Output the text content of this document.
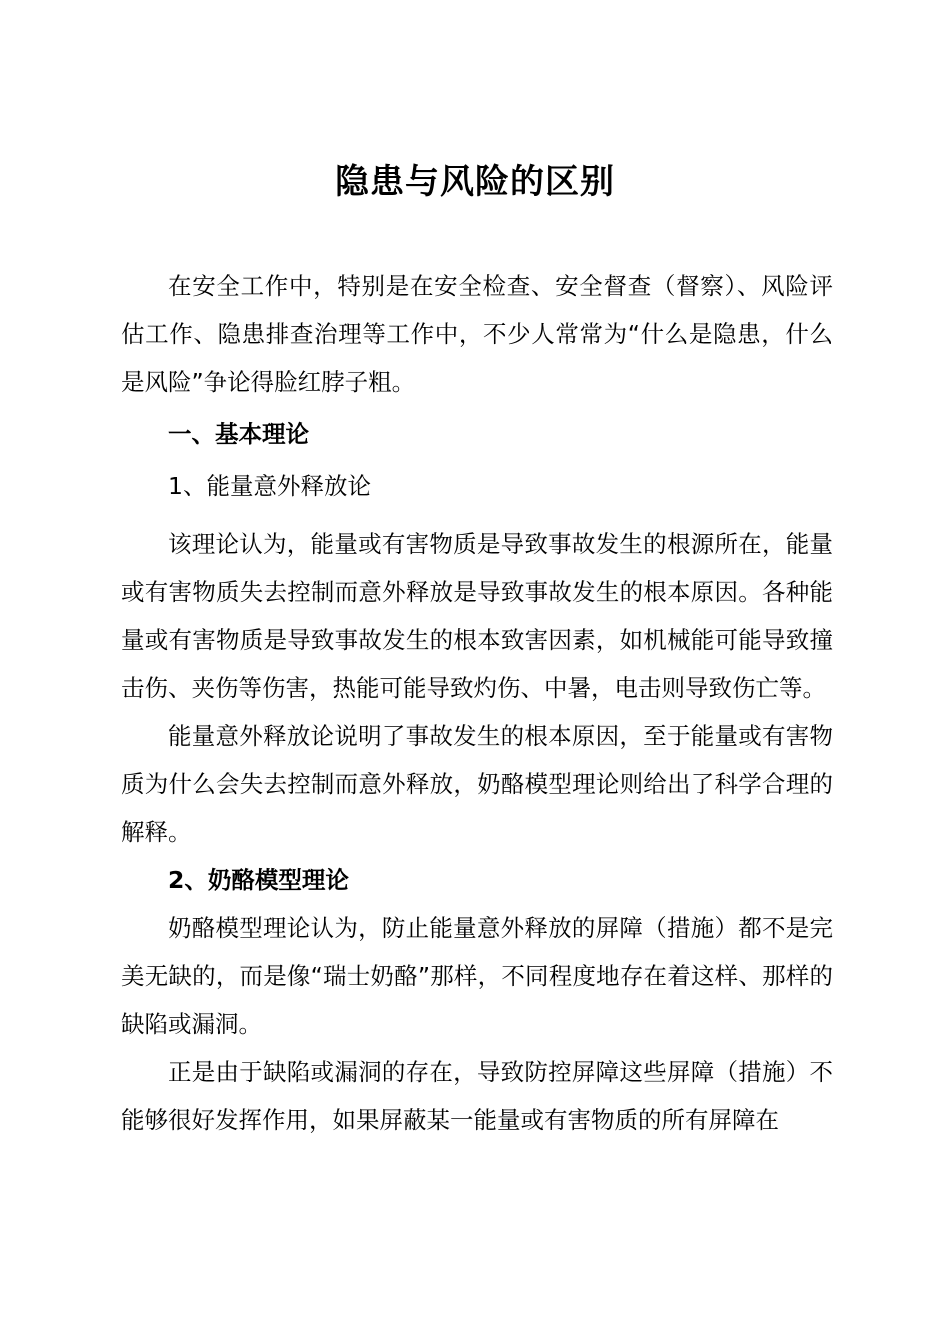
隐患与风险的区别

在安全工作中，特别是在安全检查、安全督查（督察）、风险评估工作、隐患排查治理等工作中，不少人常常为“什么是隐患，什么是风险”争论得脸红脖子粗。

一、基本理论

1、能量意外释放论

该理论认为，能量或有害物质是导致事故发生的根源所在，能量或有害物质失去控制而意外释放是导致事故发生的根本原因。各种能量或有害物质是导致事故发生的根本致害因素，如机械能可能导致撞击伤、夹伤等伤害，热能可能导致灼伤、中暑，电击则导致伤亡等。

能量意外释放论说明了事故发生的根本原因，至于能量或有害物质为什么会失去控制而意外释放，奶酪模型理论则给出了科学合理的解释。

2、奶酪模型理论

奶酪模型理论认为，防止能量意外释放的屏障（措施）都不是完美无缺的，而是像“瑞士奶酪”那样，不同程度地存在着这样、那样的缺陷或漏洞。

正是由于缺陷或漏洞的存在，导致防控屏障这些屏障（措施）不能够很好发挥作用，如果屏蔽某一能量或有害物质的所有屏障在
